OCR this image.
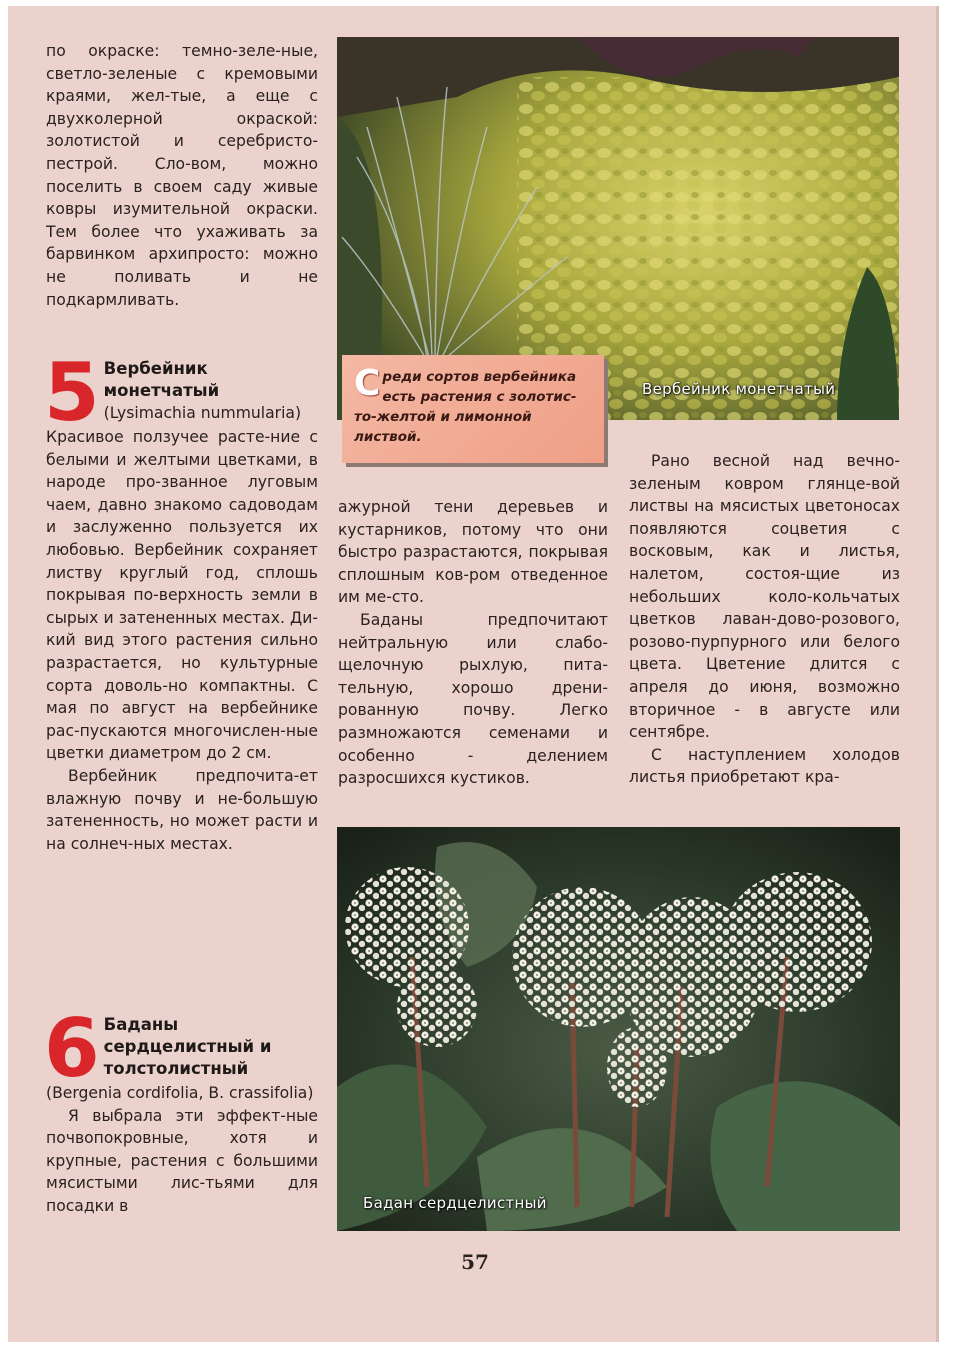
по окраске: темно-зеле-ные, светло-зеленые с кремовыми краями, жел-тые, а еще с двухколерной окраской: золотистой и серебристо-пестрой. Сло-вом, можно поселить в своем саду живые ковры изумительной окраски. Тем более что ухаживать за барвинком архипросто: можно не поливать и не подкармливать.

5 Вербейник монетчатый
(Lysimachia nummularia)

Красивое ползучее расте-ние с белыми и желтыми цветками, в народе про-званное луговым чаем, давно знакомо садоводам и заслуженно пользуется их любовью. Вербейник сохраняет листву круглый год, сплошь покрывая по-верхность земли в сырых и затененных местах. Ди-кий вид этого растения сильно разрастается, но культурные сорта доволь-но компактны. С мая по август на вербейнике рас-пускаются многочислен-ные цветки диаметром до 2 см.

Вербейник предпочита-ет влажную почву и не-большую затененность, но может расти и на солнеч-ных местах.

6 Баданы сердцелистный и толстолистный
(Bergenia cordifolia, B. crassifolia)

Я выбрала эти эффект-ные почвопокровные, хотя и крупные, растения с большими мясистыми лис-тьями для посадки в

Вербейник монетчатый
С реди сортов вербейника есть растения с золотис-то-желтой и лимонной листвой.

ажурной тени деревьев и кустарников, потому что они быстро разрастаются, покрывая сплошным ков-ром отведенное им ме-сто.

Баданы предпочитают нейтральную или слабо-щелочную рыхлую, пита-тельную, хорошо дрени-рованную почву. Легко размножаются семенами и особенно - делением разросшихся кустиков.

Рано весной над вечно-зеленым ковром глянце-вой листвы на мясистых цветоносах появляются соцветия с восковым, как и листья, налетом, состоя-щие из небольших коло-кольчатых цветков лаван-дово-розового, розово-пурпурного или белого цвета. Цветение длится с апреля до июня, возможно вторичное - в августе или сентябре.

С наступлением холодов листья приобретают кра-

Бадан сердцелистный
57
